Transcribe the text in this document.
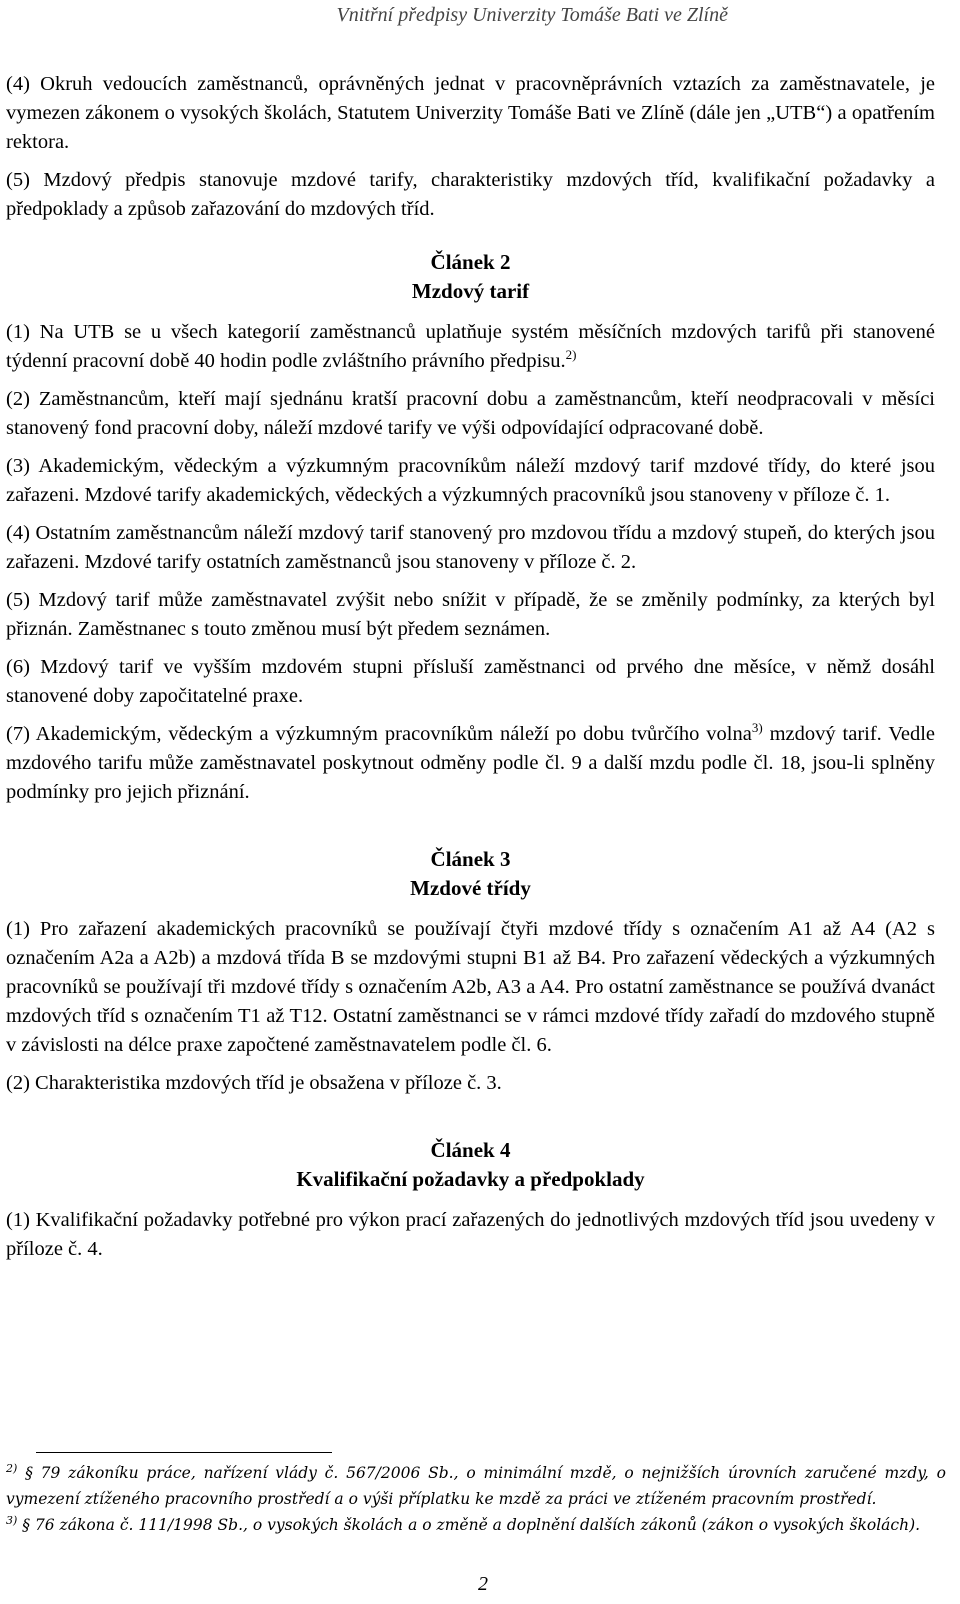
Vnitřní předpisy Univerzity Tomáše Bati ve Zlíně

(4) Okruh vedoucích zaměstnanců, oprávněných jednat v pracovněprávních vztazích za zaměstnavatele, je vymezen zákonem o vysokých školách, Statutem Univerzity Tomáše Bati ve Zlíně (dále jen „UTB“) a opatřením rektora.

(5) Mzdový předpis stanovuje mzdové tarify, charakteristiky mzdových tříd, kvalifikační požadavky a předpoklady a způsob zařazování do mzdových tříd.

Článek 2
Mzdový tarif

(1) Na UTB se u všech kategorií zaměstnanců uplatňuje systém měsíčních mzdových tarifů při stanovené týdenní pracovní době 40 hodin podle zvláštního právního předpisu.$^{2)}$

(2) Zaměstnancům, kteří mají sjednánu kratší pracovní dobu a zaměstnancům, kteří neodpracovali v měsíci stanovený fond pracovní doby, náleží mzdové tarify ve výši odpovídající odpracované době.

(3) Akademickým, vědeckým a výzkumným pracovníkům náleží mzdový tarif mzdové třídy, do které jsou zařazeni. Mzdové tarify akademických, vědeckých a výzkumných pracovníků jsou stanoveny v příloze č. 1.

(4) Ostatním zaměstnancům náleží mzdový tarif stanovený pro mzdovou třídu a mzdový stupeň, do kterých jsou zařazeni. Mzdové tarify ostatních zaměstnanců jsou stanoveny v příloze č. 2.

(5) Mzdový tarif může zaměstnavatel zvýšit nebo snížit v případě, že se změnily podmínky, za kterých byl přiznán. Zaměstnanec s touto změnou musí být předem seznámen.

(6) Mzdový tarif ve vyšším mzdovém stupni přísluší zaměstnanci od prvého dne měsíce, v němž dosáhl stanovené doby započitatelné praxe.

(7) Akademickým, vědeckým a výzkumným pracovníkům náleží po dobu tvůrčího volna$^{3)}$ mzdový tarif. Vedle mzdového tarifu může zaměstnavatel poskytnout odměny podle čl. 9 a další mzdu podle čl. 18, jsou-li splněny podmínky pro jejich přiznání.

Článek 3
Mzdové třídy

(1) Pro zařazení akademických pracovníků se používají čtyři mzdové třídy s označením A1 až A4 (A2 s označením A2a a A2b) a mzdová třída B se mzdovými stupni B1 až B4. Pro zařazení vědeckých a výzkumných pracovníků se používají tři mzdové třídy s označením A2b, A3 a A4. Pro ostatní zaměstnance se používá dvanáct mzdových tříd s označením T1 až T12. Ostatní zaměstnanci se v rámci mzdové třídy zařadí do mzdového stupně v závislosti na délce praxe započtené zaměstnavatelem podle čl. 6.

(2) Charakteristika mzdových tříd je obsažena v příloze č. 3.

Článek 4
Kvalifikační požadavky a předpoklady

(1) Kvalifikační požadavky potřebné pro výkon prací zařazených do jednotlivých mzdových tříd jsou uvedeny v příloze č. 4.

$^{2)}$ § 79 zákoníku práce, nařízení vlády č. 567/2006 Sb., o minimální mzdě, o nejnižších úrovních zaručené mzdy, o vymezení ztíženého pracovního prostředí a o výši příplatku ke mzdě za práci ve ztíženém pracovním prostředí.
$^{3)}$ § 76 zákona č. 111/1998 Sb., o vysokých školách a o změně a doplnění dalších zákonů (zákon o vysokých školách).
2
